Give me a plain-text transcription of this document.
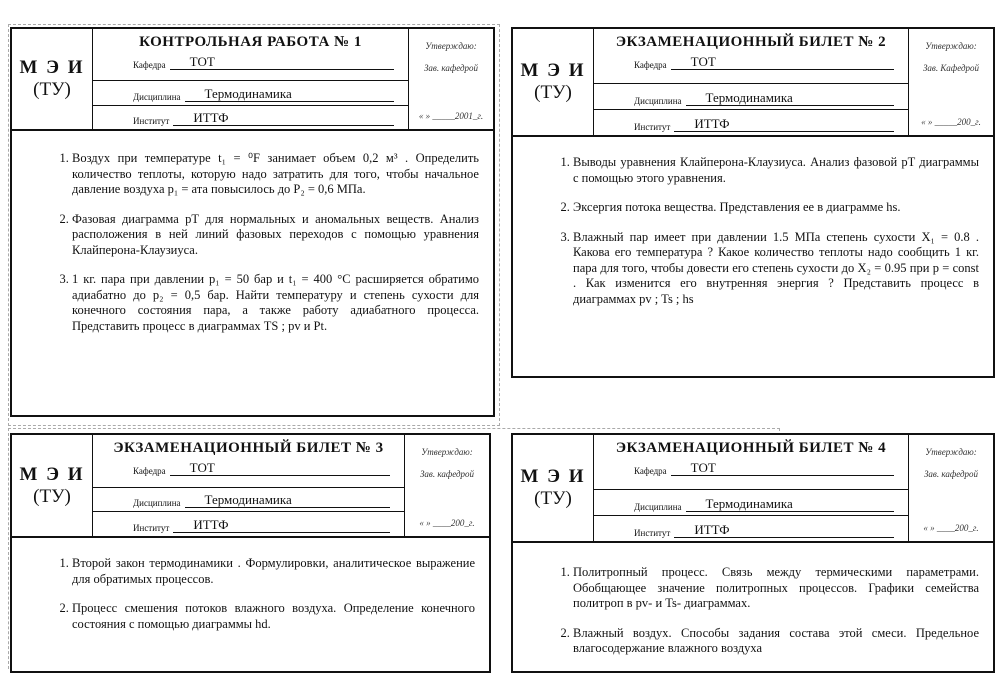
М Э И
(ТУ)
КОНТРОЛЬНАЯ РАБОТА № 1
Кафедра	ТОТ
Дисциплина	Термодинамика
Институт	ИТТФ
Утверждаю:
Зав. кафедрой
« » _____2001_г.
1. Воздух при температуре t₁ = ⁰F занимает объем 0,2 м³ . Определить количество теплоты, которую надо затратить для того, чтобы начальное давление воздуха p₁ = ата повысилось до P₂ = 0,6 МПа.
2. Фазовая диаграмма pT для нормальных и аномальных веществ. Анализ расположения в ней линий фазовых переходов с помощью уравнения Клайперона-Клаузиуса.
3. 1 кг. пара при давлении p₁ = 50 бар и t₁ = 400 °C расширяется обратимо адиабатно до p₂ = 0,5 бар. Найти температуру и степень сухости для конечного состояния пара, а также работу адиабатного процесса. Представить процесс в диаграммах TS ; pv и Pt.
М Э И
(ТУ)
ЭКЗАМЕНАЦИОННЫЙ БИЛЕТ № 2
Кафедра	ТОТ
Дисциплина	Термодинамика
Институт	ИТТФ
Утверждаю:
Зав. Кафедрой
« » _____200_г.
1. Выводы уравнения Клайперона-Клаузиуса. Анализ фазовой pT диаграммы с помощью этого уравнения.
2. Эксергия потока вещества. Представления ее в диаграмме hs.
3. Влажный пар имеет при давлении 1.5 МПа степень сухости X₁ = 0.8 . Какова его температура ? Какое количество теплоты надо сообщить 1 кг. пара для того, чтобы довести его степень сухости до X₂ = 0.95 при p = const . Как изменится его внутренняя энергия ? Представить процесс в диаграммах pv ; Ts ; hs
М Э И
(ТУ)
ЭКЗАМЕНАЦИОННЫЙ БИЛЕТ № 3
Кафедра	ТОТ
Дисциплина	Термодинамика
Институт	ИТТФ
Утверждаю:
Зав. кафедрой
« » ____200_г.
1. Второй закон термодинамики . Формулировки, аналитическое выражение для обратимых процессов.
2. Процесс смешения потоков влажного воздуха. Определение конечного состояния с помощью диаграммы hd.
М Э И
(ТУ)
ЭКЗАМЕНАЦИОННЫЙ БИЛЕТ № 4
Кафедра	ТОТ
Дисциплина	Термодинамика
Институт	ИТТФ
Утверждаю:
Зав. кафедрой
« » ____200_г.
1. Политропный процесс. Связь между термическими параметрами. Обобщающее значение политропных процессов. Графики семейства политроп в pv- и Ts- диаграммах.
2. Влажный воздух. Способы задания состава этой смеси. Предельное влагосодержание влажного воздуха
